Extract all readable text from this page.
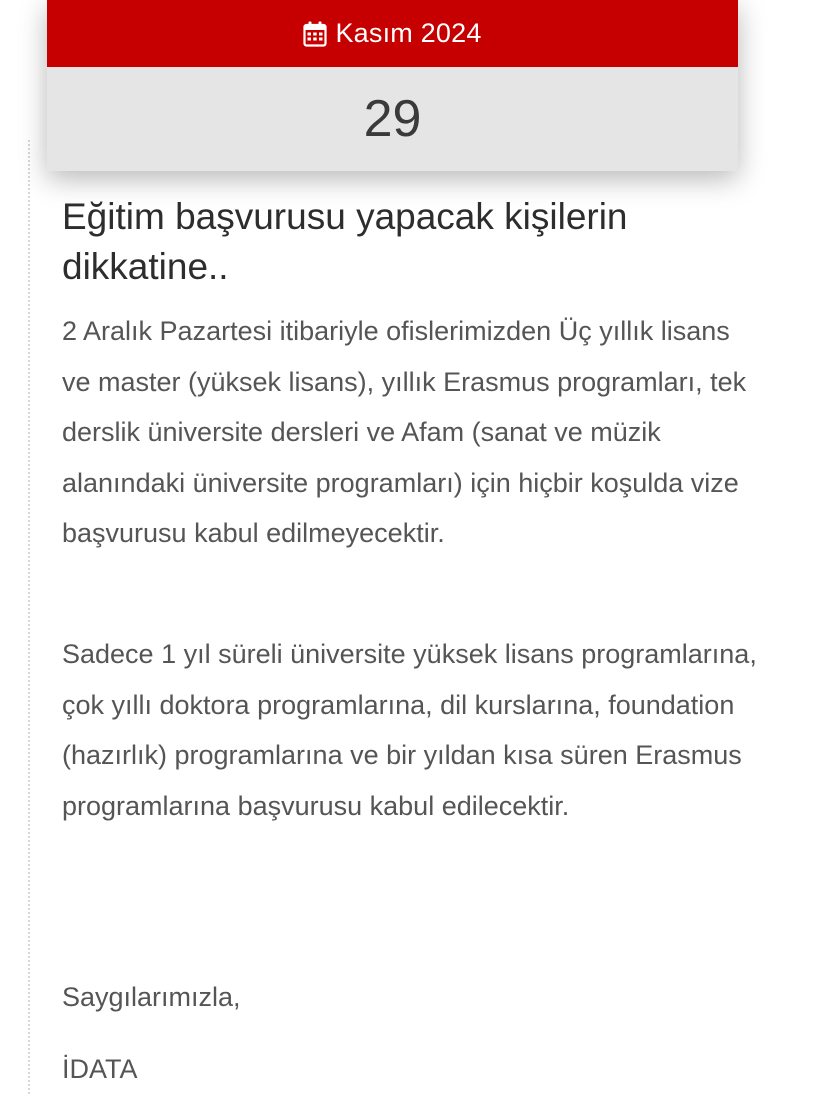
Kasım 2024
29
Eğitim başvurusu yapacak kişilerin dikkatine..

2 Aralık Pazartesi itibariyle ofislerimizden Üç yıllık lisans ve master (yüksek lisans), yıllık Erasmus programları, tek derslik üniversite dersleri ve Afam (sanat ve müzik alanındaki üniversite programları) için hiçbir koşulda vize başvurusu kabul edilmeyecektir.

Sadece 1 yıl süreli üniversite yüksek lisans programlarına, çok yıllı doktora programlarına, dil kurslarına, foundation (hazırlık) programlarına ve bir yıldan kısa süren Erasmus programlarına başvurusu kabul edilecektir.

Saygılarımızla,

İDATA
